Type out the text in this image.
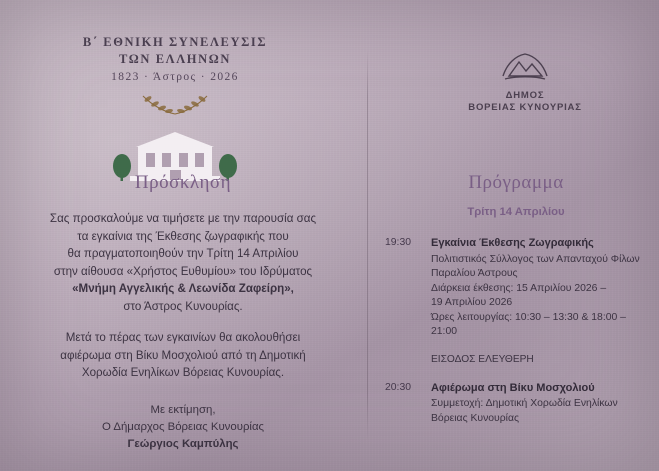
Β΄ ΕΘΝΙΚΗ ΣΥΝΕΛΕΥΣΙΣ
ΤΩΝ ΕΛΛΗΝΩΝ
1823 · Άστρος · 2026
ΔΗΜΟΣ
ΒΟΡΕΙΑΣ ΚΥΝΟΥΡΙΑΣ
Πρόσκληση
Σας προσκαλούμε να τιμήσετε με την παρουσία σας
τα εγκαίνια της Έκθεσης ζωγραφικής που
θα πραγματοποιηθούν την Τρίτη 14 Απριλίου
στην αίθουσα «Χρήστος Ευθυμίου» του Ιδρύματος
«Μνήμη Αγγελικής & Λεωνίδα Ζαφείρη»,
στο Άστρος Κυνουρίας.
Μετά το πέρας των εγκαινίων θα ακολουθήσει
αφιέρωμα στη Βίκυ Μοσχολιού από τη Δημοτική
Χορωδία Ενηλίκων Βόρειας Κυνουρίας.
Με εκτίμηση,
Ο Δήμαρχος Βόρειας Κυνουρίας
Γεώργιος Καμπύλης
Πρόγραμμα
Τρίτη 14 Απριλίου
19:30	Εγκαίνια Έκθεσης Ζωγραφικής
Πολιτιστικός Σύλλογος των Απανταχού Φίλων
Παραλίου Άστρους
Διάρκεια έκθεσης: 15 Απριλίου 2026 –
19 Απριλίου 2026
Ώρες λειτουργίας: 10:30 – 13:30 & 18:00 – 21:00
ΕΙΣΟΔΟΣ ΕΛΕΥΘΕΡΗ
20:30	Αφιέρωμα στη Βίκυ Μοσχολιού
Συμμετοχή: Δημοτική Χορωδία Ενηλίκων
Βόρειας Κυνουρίας
